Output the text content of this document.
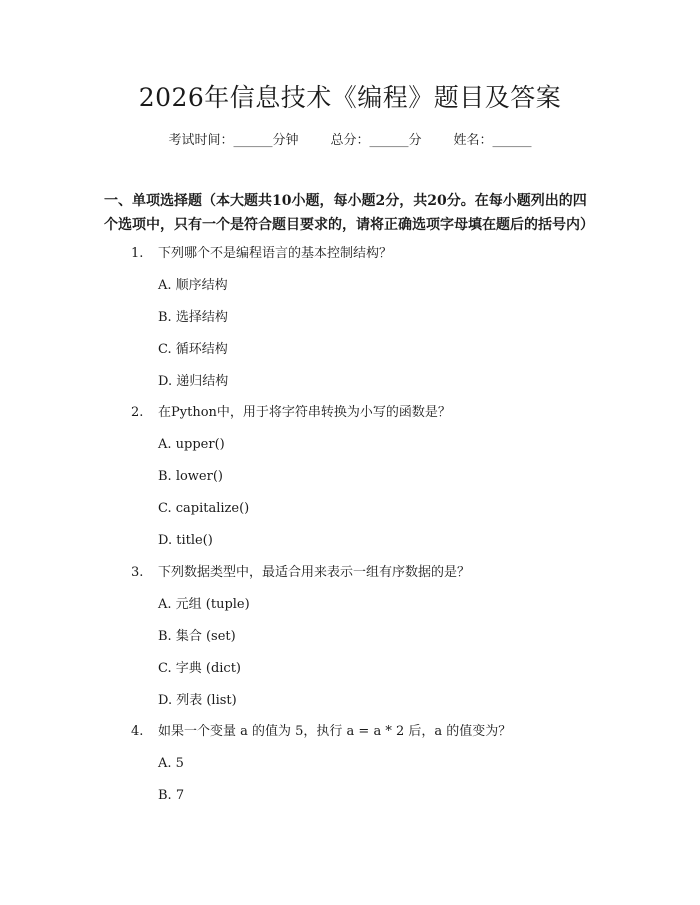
2026年信息技术《编程》题目及答案
考试时间：______分钟 总分：______分 姓名：______
一、单项选择题（本大题共10小题，每小题2分，共20分。在每小题列出的四个选项中，只有一个是符合题目要求的，请将正确选项字母填在题后的括号内）
1. 下列哪个不是编程语言的基本控制结构？
A. 顺序结构
B. 选择结构
C. 循环结构
D. 递归结构
2. 在Python中，用于将字符串转换为小写的函数是？
A. upper()
B. lower()
C. capitalize()
D. title()
3. 下列数据类型中，最适合用来表示一组有序数据的是？
A. 元组 (tuple)
B. 集合 (set)
C. 字典 (dict)
D. 列表 (list)
4. 如果一个变量 a 的值为 5，执行 a = a * 2 后，a 的值变为？
A. 5
B. 7
